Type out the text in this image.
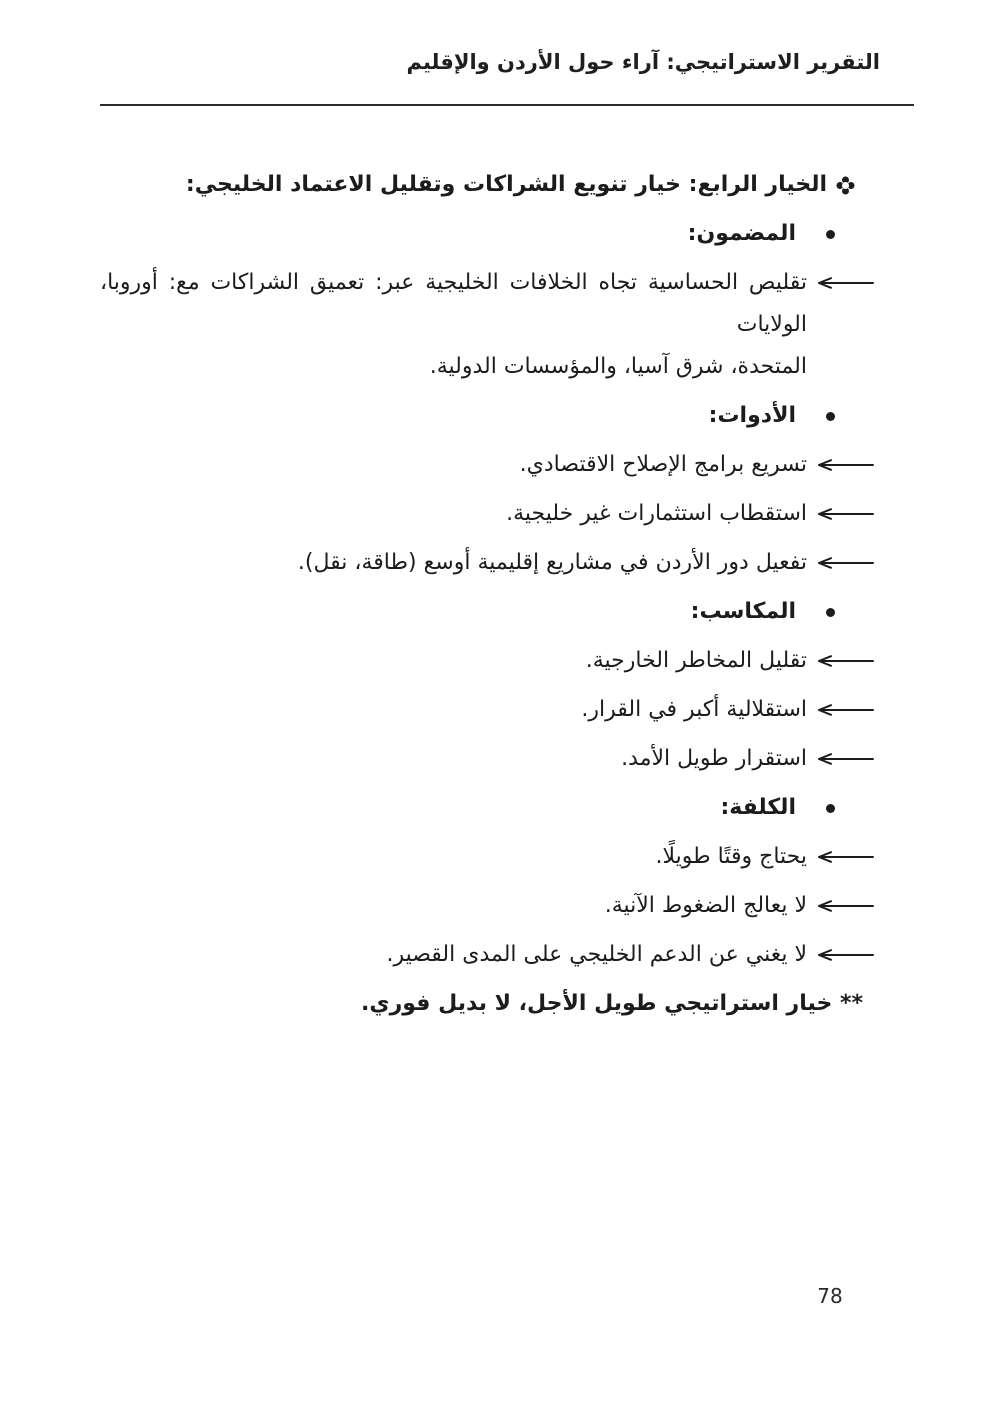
التقرير الاستراتيجي: آراء حول الأردن والإقليم
الخيار الرابع: خيار تنويع الشراكات وتقليل الاعتماد الخليجي:
المضمون:
تقليص الحساسية تجاه الخلافات الخليجية عبر: تعميق الشراكات مع: أوروبا، الولايات
المتحدة، شرق آسيا، والمؤسسات الدولية.
الأدوات:
تسريع برامج الإصلاح الاقتصادي.
استقطاب استثمارات غير خليجية.
تفعيل دور الأردن في مشاريع إقليمية أوسع (طاقة، نقل).
المكاسب:
تقليل المخاطر الخارجية.
استقلالية أكبر في القرار.
استقرار طويل الأمد.
الكلفة:
يحتاج وقتًا طويلًا.
لا يعالج الضغوط الآنية.
لا يغني عن الدعم الخليجي على المدى القصير.
** خيار استراتيجي طويل الأجل، لا بديل فوري.
78
